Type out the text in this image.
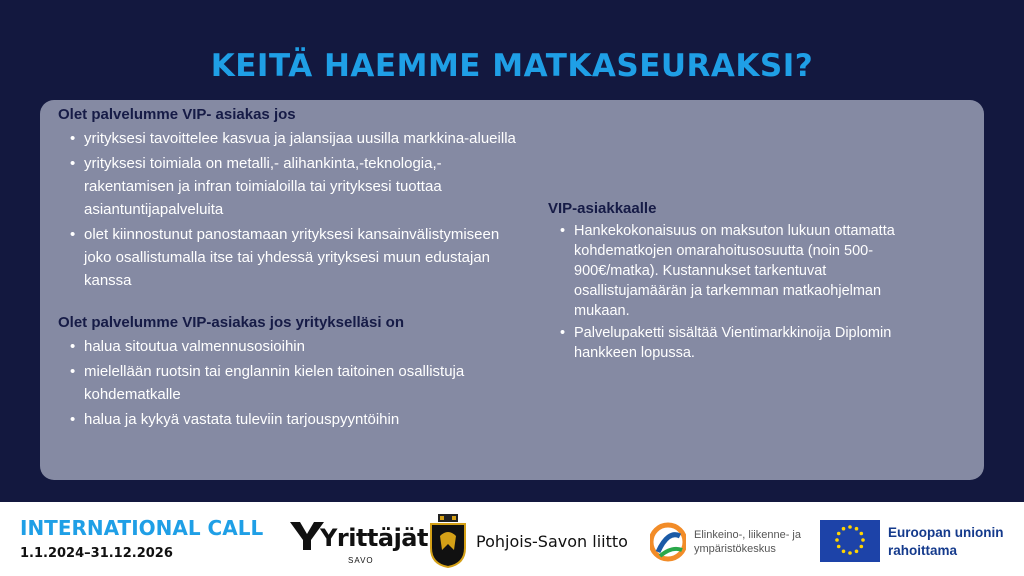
KEITÄ HAEMME MATKASEURAKSI?
Olet palvelumme VIP- asiakas jos
• yrityksesi tavoittelee kasvua ja jalansijaa uusilla markkina-alueilla
• yrityksesi toimiala on metalli,- alihankinta,-teknologia,- rakentamisen ja infran toimialoilla tai yrityksesi tuottaa asiantuntijapalveluita
• olet kiinnostunut panostamaan yrityksesi kansainvälistymiseen joko osallistumalla itse tai yhdessä yrityksesi muun edustajan kanssa
Olet palvelumme VIP-asiakas jos yritykselläsi on
• halua sitoutua valmennusosioihin
• mielellään ruotsin tai englannin kielen taitoinen osallistuja kohdematkalle
• halua ja kykyä vastata tuleviin tarjouspyyntöihin
VIP-asiakkaalle
• Hankekokonaisuus on maksuton lukuun ottamatta kohdematkojen omarahoitusosuutta (noin 500-900€/matka). Kustannukset tarkentuvat osallistujamäärän ja tarkemman matkaohjelman mukaan.
• Palvelupaketti sisältää Vientimarkkinoija Diplomin hankkeen lopussa.
INTERNATIONAL CALL
1.1.2024–31.12.2026
Yrittäjät
SAVO
Pohjois-Savon liitto	Elinkeino-, liikenne- ja
ympäristökeskus
Euroopan unionin
rahoittama
